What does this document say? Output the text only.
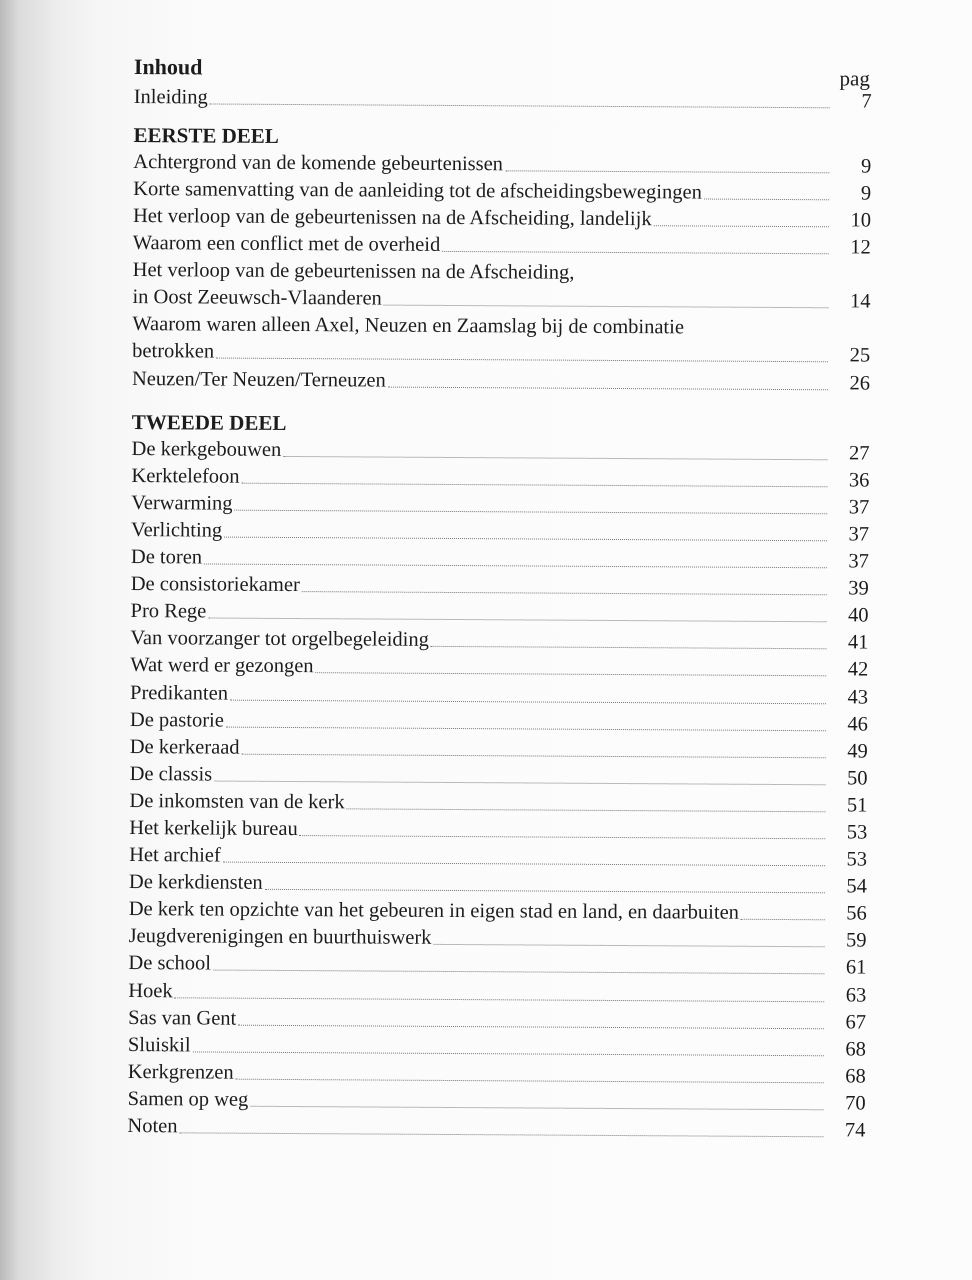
Inhoud	pag
Inleiding	7
EERSTE DEEL
Achtergrond van de komende gebeurtenissen	9
Korte samenvatting van de aanleiding tot de afscheidingsbewegingen	9
Het verloop van de gebeurtenissen na de Afscheiding, landelijk	10
Waarom een conflict met de overheid	12
Het verloop van de gebeurtenissen na de Afscheiding,
in Oost Zeeuwsch-Vlaanderen	14
Waarom waren alleen Axel, Neuzen en Zaamslag bij de combinatie
betrokken	25
Neuzen/Ter Neuzen/Terneuzen	26
TWEEDE DEEL
De kerkgebouwen	27
Kerktelefoon	36
Verwarming	37
Verlichting	37
De toren	37
De consistoriekamer	39
Pro Rege	40
Van voorzanger tot orgelbegeleiding	41
Wat werd er gezongen	42
Predikanten	43
De pastorie	46
De kerkeraad	49
De classis	50
De inkomsten van de kerk	51
Het kerkelijk bureau	53
Het archief	53
De kerkdiensten	54
De kerk ten opzichte van het gebeuren in eigen stad en land, en daarbuiten	56
Jeugdverenigingen en buurthuiswerk	59
De school	61
Hoek	63
Sas van Gent	67
Sluiskil	68
Kerkgrenzen	68
Samen op weg	70
Noten	74
